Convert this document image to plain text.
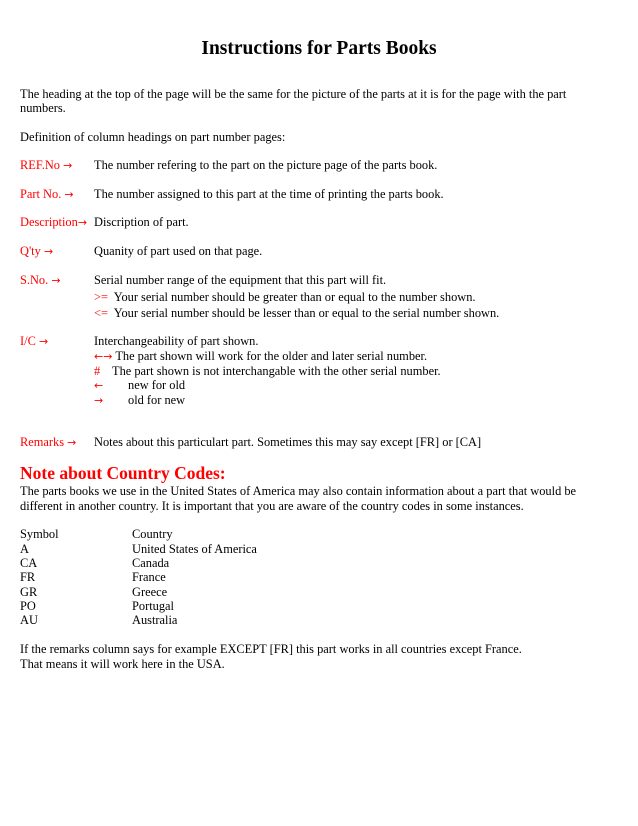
Instructions for Parts Books
The heading at the top of the page will be the same for the picture of the parts at it is for the page with the part
numbers.
Definition of column headings on part number pages:
REF.No → The number refering to the part on the picture page of the parts book.
Part No. → The number assigned to this part at the time of printing the parts book.
Description→ Discription of part.
Q'ty →	Quanity of part used on that page.
S.No. →	Serial number range of the equipment that this part will fit.
>= Your serial number should be greater than or equal to the number shown.
<= Your serial number should be lesser than or equal to the serial number shown.
I/C →	Interchangeability of part shown.
←→ The part shown will work for the older and later serial number.
# The part shown is not interchangable with the other serial number.
← new for old
→ old for new
Remarks → Notes about this particulart part. Sometimes this may say except [FR] or [CA]
Note about Country Codes:
The parts books we use in the United States of America may also contain information about a part that would be
different in another country. It is important that you are aware of the country codes in some instances.
Symbol	Country
A	United States of America
CA	Canada
FR	France
GR	Greece
PO	Portugal
AU	Australia
If the remarks column says for example EXCEPT [FR] this part works in all countries except France.
That means it will work here in the USA.
